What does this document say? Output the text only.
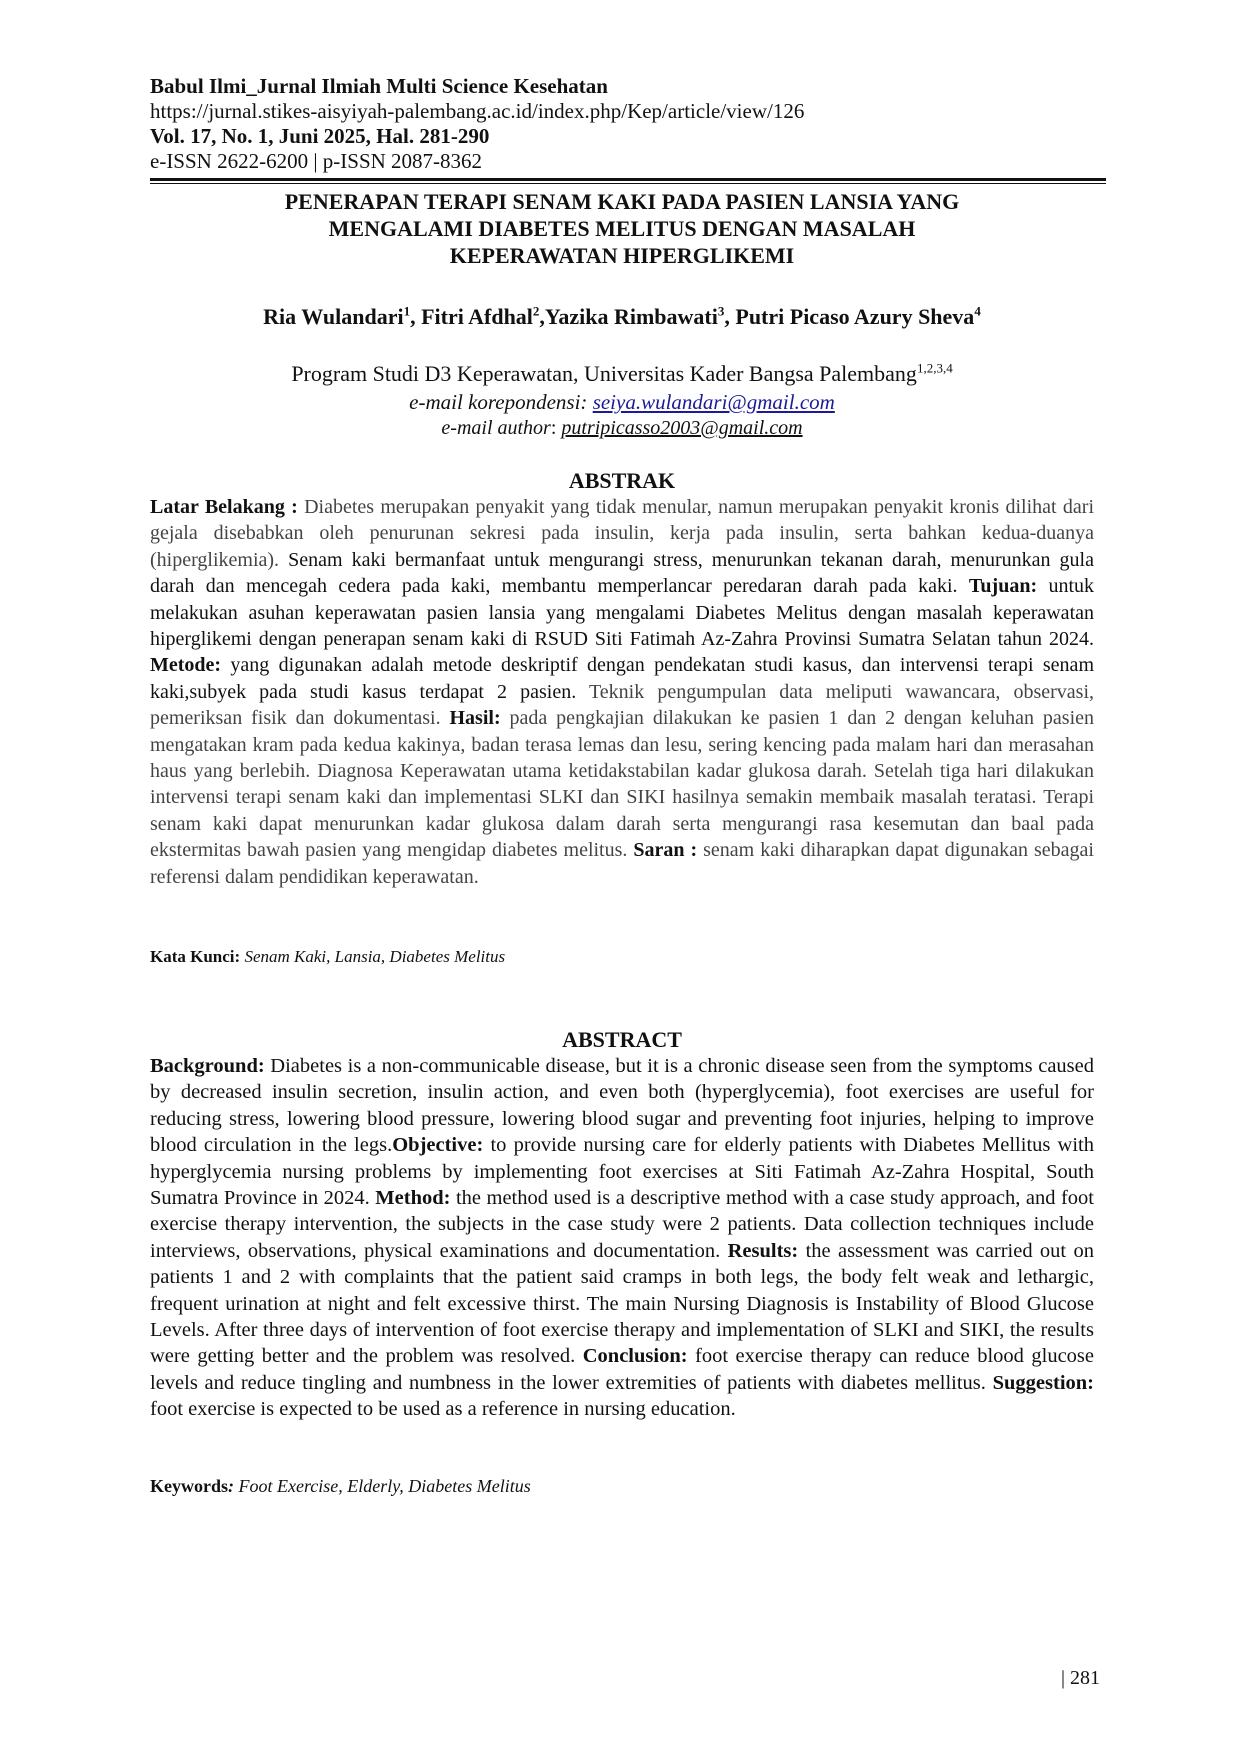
Babul Ilmi_Jurnal Ilmiah Multi Science Kesehatan
https://jurnal.stikes-aisyiyah-palembang.ac.id/index.php/Kep/article/view/126
Vol. 17, No. 1, Juni 2025, Hal. 281-290
e-ISSN 2622-6200 | p-ISSN 2087-8362
PENERAPAN TERAPI SENAM KAKI PADA PASIEN LANSIA YANG
MENGALAMI DIABETES MELITUS DENGAN MASALAH
KEPERAWATAN HIPERGLIKEMI
Ria Wulandari$^1$, Fitri Afdhal$^2$,Yazika Rimbawati$^3$, Putri Picaso Azury Sheva$^4$
Program Studi D3 Keperawatan, Universitas Kader Bangsa Palembang$^{1,2,3,4}$
e-mail korepondensi: seiya.wulandari@gmail.com
e-mail author: putripicasso2003@gmail.com
ABSTRAK
Latar Belakang : Diabetes merupakan penyakit yang tidak menular, namun merupakan penyakit kronis dilihat dari gejala disebabkan oleh penurunan sekresi pada insulin, kerja pada insulin, serta bahkan kedua-duanya (hiperglikemia). Senam kaki bermanfaat untuk mengurangi stress, menurunkan tekanan darah, menurunkan gula darah dan mencegah cedera pada kaki, membantu memperlancar peredaran darah pada kaki. Tujuan: untuk melakukan asuhan keperawatan pasien lansia yang mengalami Diabetes Melitus dengan masalah keperawatan hiperglikemi dengan penerapan senam kaki di RSUD Siti Fatimah Az-Zahra Provinsi Sumatra Selatan tahun 2024. Metode: yang digunakan adalah metode deskriptif dengan pendekatan studi kasus, dan intervensi terapi senam kaki,subyek pada studi kasus terdapat 2 pasien. Teknik pengumpulan data meliputi wawancara, observasi, pemeriksan fisik dan dokumentasi. Hasil: pada pengkajian dilakukan ke pasien 1 dan 2 dengan keluhan pasien mengatakan kram pada kedua kakinya, badan terasa lemas dan lesu, sering kencing pada malam hari dan merasahan haus yang berlebih. Diagnosa Keperawatan utama ketidakstabilan kadar glukosa darah. Setelah tiga hari dilakukan intervensi terapi senam kaki dan implementasi SLKI dan SIKI hasilnya semakin membaik masalah teratasi. Terapi senam kaki dapat menurunkan kadar glukosa dalam darah serta mengurangi rasa kesemutan dan baal pada ekstermitas bawah pasien yang mengidap diabetes melitus. Saran : senam kaki diharapkan dapat digunakan sebagai referensi dalam pendidikan keperawatan.
Kata Kunci: Senam Kaki, Lansia, Diabetes Melitus
ABSTRACT
Background: Diabetes is a non-communicable disease, but it is a chronic disease seen from the symptoms caused by decreased insulin secretion, insulin action, and even both (hyperglycemia), foot exercises are useful for reducing stress, lowering blood pressure, lowering blood sugar and preventing foot injuries, helping to improve blood circulation in the legs.Objective: to provide nursing care for elderly patients with Diabetes Mellitus with hyperglycemia nursing problems by implementing foot exercises at Siti Fatimah Az-Zahra Hospital, South Sumatra Province in 2024. Method: the method used is a descriptive method with a case study approach, and foot exercise therapy intervention, the subjects in the case study were 2 patients. Data collection techniques include interviews, observations, physical examinations and documentation. Results: the assessment was carried out on patients 1 and 2 with complaints that the patient said cramps in both legs, the body felt weak and lethargic, frequent urination at night and felt excessive thirst. The main Nursing Diagnosis is Instability of Blood Glucose Levels. After three days of intervention of foot exercise therapy and implementation of SLKI and SIKI, the results were getting better and the problem was resolved. Conclusion: foot exercise therapy can reduce blood glucose levels and reduce tingling and numbness in the lower extremities of patients with diabetes mellitus. Suggestion: foot exercise is expected to be used as a reference in nursing education.
Keywords: Foot Exercise, Elderly, Diabetes Melitus
| 281
